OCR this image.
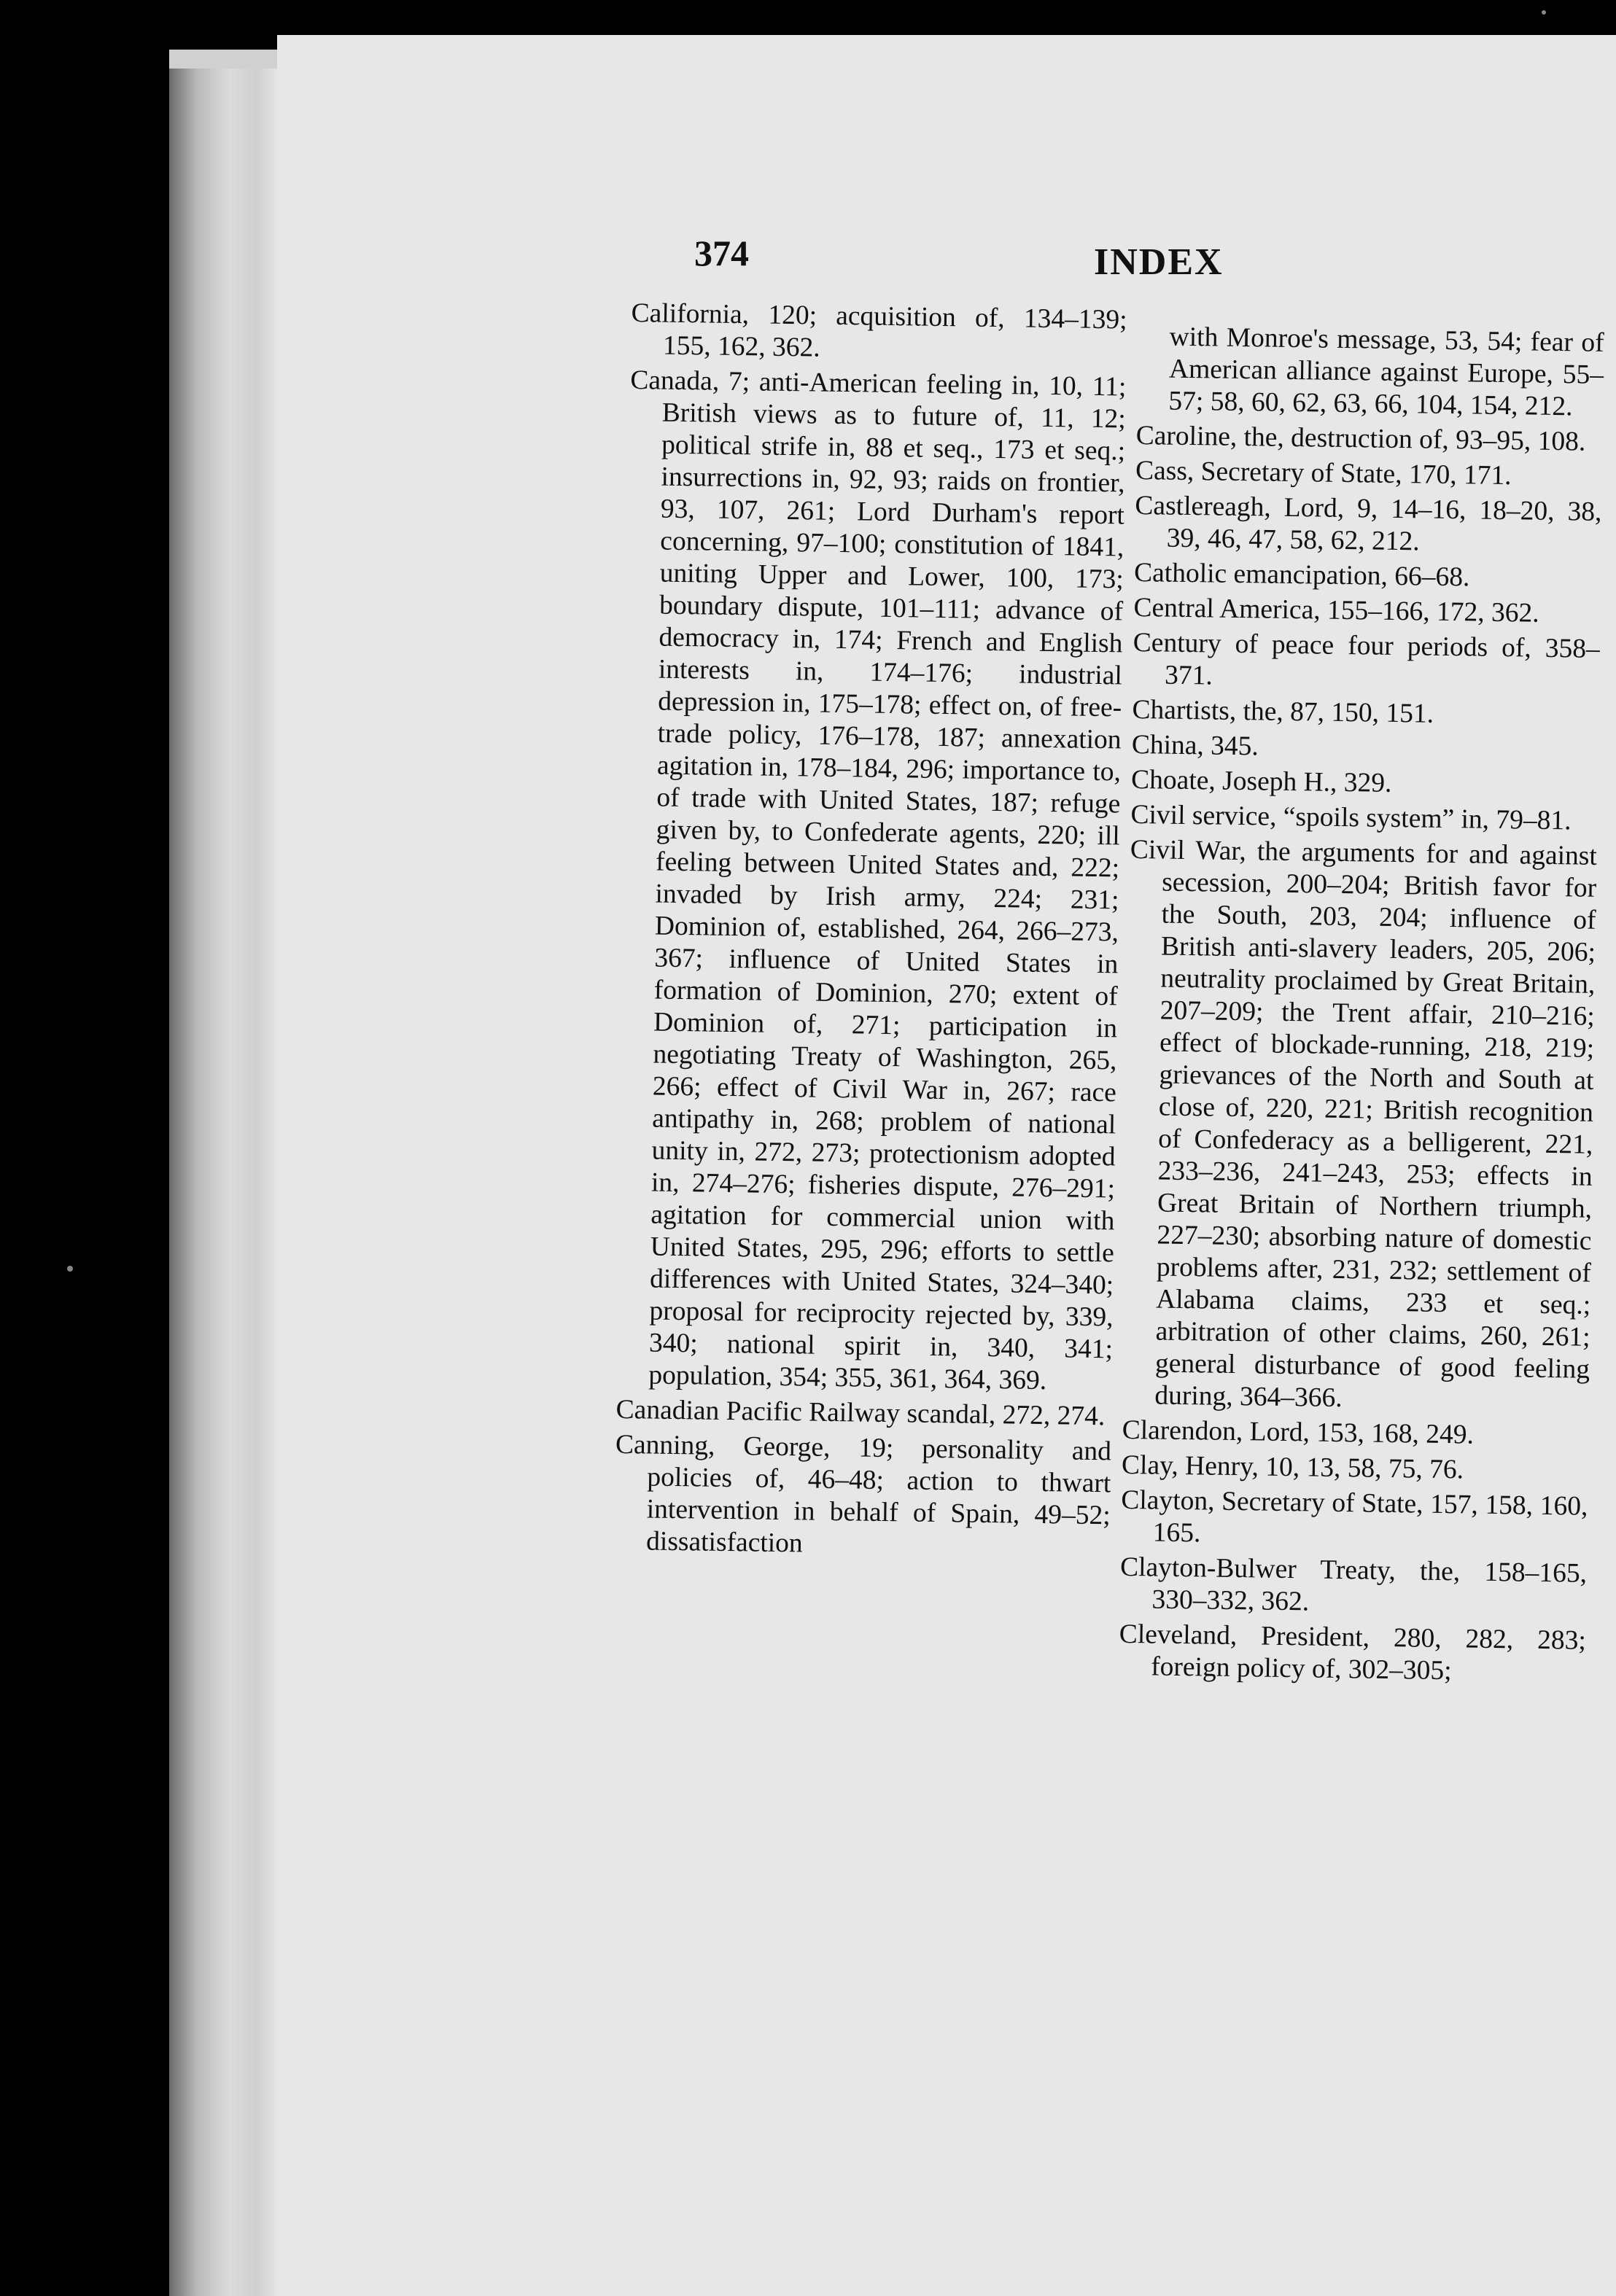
374	INDEX

California, 120; acquisition of, 134–139; 155, 162, 362.

Canada, 7; anti-American feeling in, 10, 11; British views as to future of, 11, 12; political strife in, 88 et seq., 173 et seq.; insurrections in, 92, 93; raids on frontier, 93, 107, 261; Lord Durham's report concerning, 97–100; constitution of 1841, uniting Upper and Lower, 100, 173; boundary dispute, 101–111; advance of democracy in, 174; French and English interests in, 174–176; industrial depression in, 175–178; effect on, of free-trade policy, 176–178, 187; annexation agitation in, 178–184, 296; importance to, of trade with United States, 187; refuge given by, to Confederate agents, 220; ill feeling between United States and, 222; invaded by Irish army, 224; 231; Dominion of, established, 264, 266–273, 367; influence of United States in formation of Dominion, 270; extent of Dominion of, 271; participation in negotiating Treaty of Washington, 265, 266; effect of Civil War in, 267; race antipathy in, 268; problem of national unity in, 272, 273; protectionism adopted in, 274–276; fisheries dispute, 276–291; agitation for commercial union with United States, 295, 296; efforts to settle differences with United States, 324–340; proposal for reciprocity rejected by, 339, 340; national spirit in, 340, 341; population, 354; 355, 361, 364, 369.

Canadian Pacific Railway scandal, 272, 274.

Canning, George, 19; personality and policies of, 46–48; action to thwart intervention in behalf of Spain, 49–52; dissatisfaction

with Monroe's message, 53, 54; fear of American alliance against Europe, 55–57; 58, 60, 62, 63, 66, 104, 154, 212.

Caroline, the, destruction of, 93–95, 108.

Cass, Secretary of State, 170, 171.

Castlereagh, Lord, 9, 14–16, 18–20, 38, 39, 46, 47, 58, 62, 212.

Catholic emancipation, 66–68.

Central America, 155–166, 172, 362.

Century of peace four periods of, 358–371.

Chartists, the, 87, 150, 151.

China, 345.

Choate, Joseph H., 329.

Civil service, “spoils system” in, 79–81.

Civil War, the arguments for and against secession, 200–204; British favor for the South, 203, 204; influence of British anti-slavery leaders, 205, 206; neutrality proclaimed by Great Britain, 207–209; the Trent affair, 210–216; effect of blockade-running, 218, 219; grievances of the North and South at close of, 220, 221; British recognition of Confederacy as a belligerent, 221, 233–236, 241–243, 253; effects in Great Britain of Northern triumph, 227–230; absorbing nature of domestic problems after, 231, 232; settlement of Alabama claims, 233 et seq.; arbitration of other claims, 260, 261; general disturbance of good feeling during, 364–366.

Clarendon, Lord, 153, 168, 249.

Clay, Henry, 10, 13, 58, 75, 76.

Clayton, Secretary of State, 157, 158, 160, 165.

Clayton-Bulwer Treaty, the, 158–165, 330–332, 362.

Cleveland, President, 280, 282, 283; foreign policy of, 302–305;
